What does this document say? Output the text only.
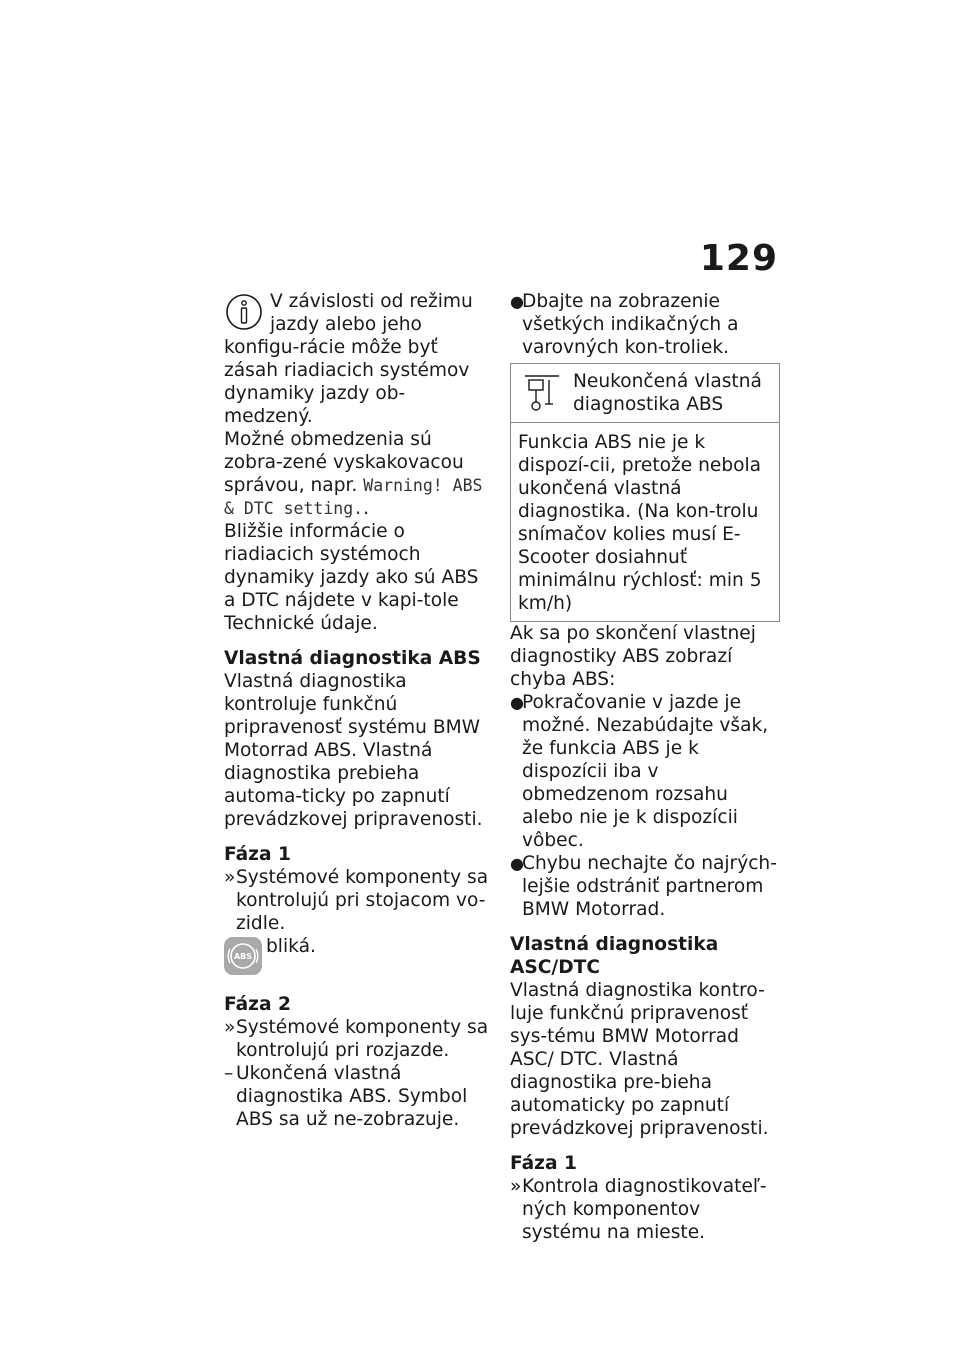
129

V závislosti od režimu jazdy alebo jeho konfigu-rácie môže byť zásah riadiacich systémov dynamiky jazdy ob-medzený.

Možné obmedzenia sú zobra-zené vyskakovacou správou, napr. Warning! ABS & DTC setting..

Bližšie informácie o riadiacich systémoch dynamiky jazdy ako sú ABS a DTC nájdete v kapi-tole Technické údaje.

Vlastná diagnostika ABS

Vlastná diagnostika kontroluje funkčnú pripravenosť systému BMW Motorrad ABS. Vlastná diagnostika prebieha automa-ticky po zapnutí prevádzkovej pripravenosti.

Fáza 1

» Systémové komponenty sa kontrolujú pri stojacom vo-zidle.
ABS bliká.

Fáza 2

» Systémové komponenty sa kontrolujú pri rozjazde.
– Ukončená vlastná diagnostika ABS. Symbol ABS sa už ne-zobrazuje.
●
Dbajte na zobrazenie všetkých indikačných a varovných kon-troliek.
Neukončená vlastná diagnostika ABS
Funkcia ABS nie je k dispozí-cii, pretože nebola ukončená vlastná diagnostika. (Na kon-trolu snímačov kolies musí E-Scooter dosiahnuť minimálnu rýchlosť: min 5 km/h)

Ak sa po skončení vlastnej diagnostiky ABS zobrazí chyba ABS:

●
Pokračovanie v jazde je možné. Nezabúdajte však, že funkcia ABS je k dispozícii iba v obmedzenom rozsahu alebo nie je k dispozícii vôbec.
●
Chybu nechajte čo najrých-lejšie odstrániť partnerom BMW Motorrad.

Vlastná diagnostika ASC/DTC

Vlastná diagnostika kontro-luje funkčnú pripravenosť sys-tému BMW Motorrad ASC/ DTC. Vlastná diagnostika pre-bieha automaticky po zapnutí prevádzkovej pripravenosti.

Fáza 1

» Kontrola diagnostikovateľ-ných komponentov systému na mieste.
